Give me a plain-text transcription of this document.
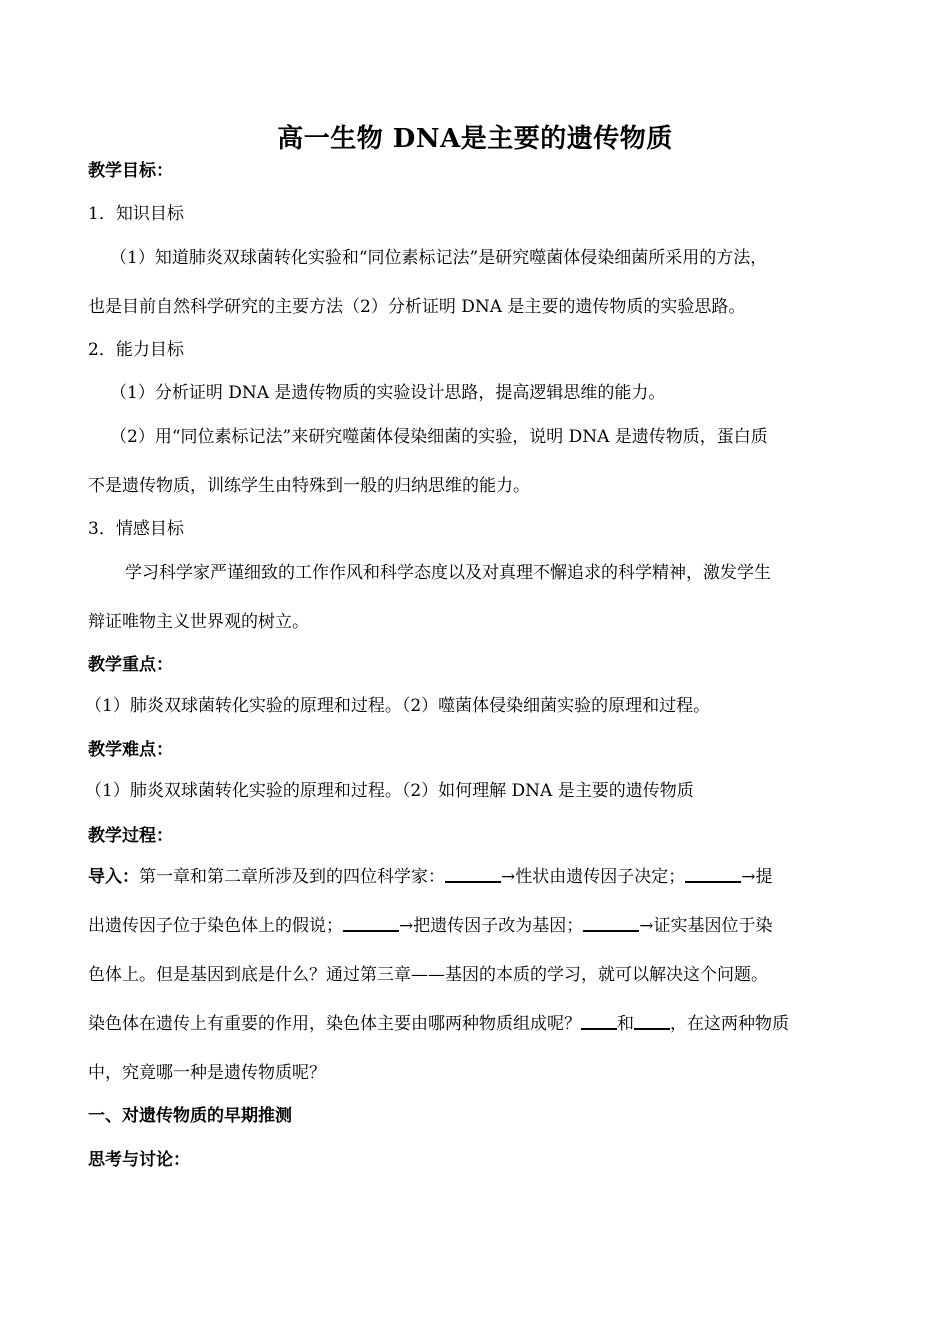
高一生物 DNA是主要的遗传物质
教学目标：
1．知识目标
（1）知道肺炎双球菌转化实验和“同位素标记法”是研究噬菌体侵染细菌所采用的方法，
也是目前自然科学研究的主要方法（2）分析证明 DNA 是主要的遗传物质的实验思路。
2．能力目标
（1）分析证明 DNA 是遗传物质的实验设计思路，提高逻辑思维的能力。
（2）用“同位素标记法”来研究噬菌体侵染细菌的实验，说明 DNA 是遗传物质，蛋白质
不是遗传物质，训练学生由特殊到一般的归纳思维的能力。
3．情感目标
学习科学家严谨细致的工作作风和科学态度以及对真理不懈追求的科学精神，激发学生
辩证唯物主义世界观的树立。
教学重点：
（1）肺炎双球菌转化实验的原理和过程。（2）噬菌体侵染细菌实验的原理和过程。
教学难点：
（1）肺炎双球菌转化实验的原理和过程。（2）如何理解 DNA 是主要的遗传物质
教学过程：
导入：第一章和第二章所涉及到的四位科学家：	→性状由遗传因子决定；	→提
出遗传因子位于染色体上的假说；	→把遗传因子改为基因；	→证实基因位于染
色体上。但是基因到底是什么？通过第三章——基因的本质的学习，就可以解决这个问题。
染色体在遗传上有重要的作用，染色体主要由哪两种物质组成呢？ 和 ，在这两种物质
中，究竟哪一种是遗传物质呢？
一、对遗传物质的早期推测
思考与讨论：
